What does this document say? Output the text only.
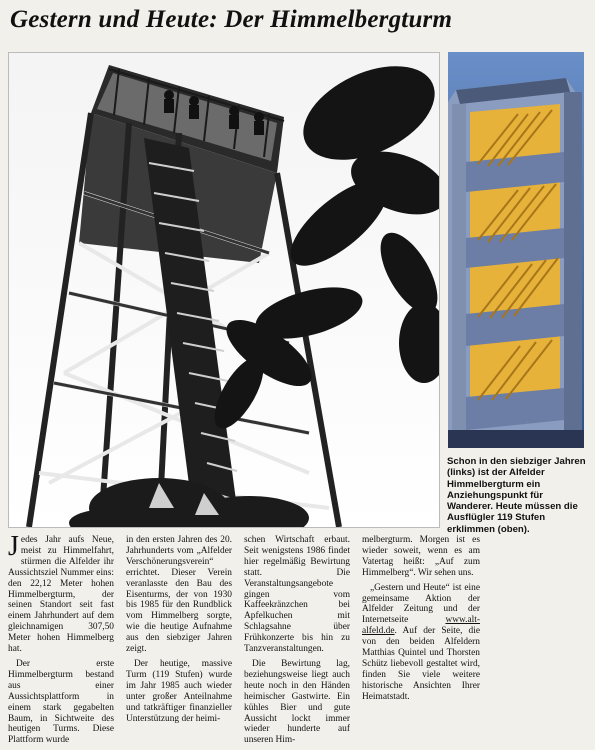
Gestern und Heute: Der Himmelbergturm
Schon in den siebziger Jahren (links) ist der Alfelder Himmelbergturm ein Anziehungspunkt für Wanderer. Heute müssen die Ausflügler 119 Stufen erklimmen (oben).

Jedes Jahr aufs Neue, meist zu Himmelfahrt, stürmen die Alfelder ihr Aussichtsziel Nummer eins: den 22,12 Meter hohen Himmelbergturm, der seinen Standort seit fast einem Jahrhundert auf dem gleichnamigen 307,50 Meter hohen Himmelberg hat.

Der erste Himmelbergturm bestand aus einer Aussichtsplattform in einem stark gegabelten Baum, in Sichtweite des heutigen Turms. Diese Plattform wurde

in den ersten Jahren des 20. Jahrhunderts vom „Alfelder Verschönerungsverein“ errichtet. Dieser Verein veranlasste den Bau des Eisenturms, der von 1930 bis 1985 für den Rundblick vom Himmelberg sorgte, wie die heutige Aufnahme aus den siebziger Jahren zeigt.

Der heutige, massive Turm (119 Stufen) wurde im Jahr 1985 auch wieder unter großer Anteilnahme und tatkräftiger finanzieller Unterstützung der heimi-

schen Wirtschaft erbaut. Seit wenigstens 1986 findet hier regelmäßig Bewirtung statt. Die Veranstaltungsangebote gingen vom Kaffeekränzchen bei Apfelkuchen mit Schlagsahne über Frühkonzerte bis hin zu Tanzveranstaltungen.

Die Bewirtung lag, beziehungsweise liegt auch heute noch in den Händen heimischer Gastwirte. Ein kühles Bier und gute Aussicht lockt immer wieder hunderte auf unseren Him-

melbergturm. Morgen ist es wieder soweit, wenn es am Vatertag heißt: „Auf zum Himmelberg“. Wir sehen uns.

„Gestern und Heute“ ist eine gemeinsame Aktion der Alfelder Zeitung und der Internetseite	www.alt-alfeld.de. Auf der Seite, die von den beiden Alfeldern Matthias Quintel und Thorsten Schütz liebevoll gestaltet wird, finden Sie viele weitere historische Ansichten Ihrer Heimatstadt.
